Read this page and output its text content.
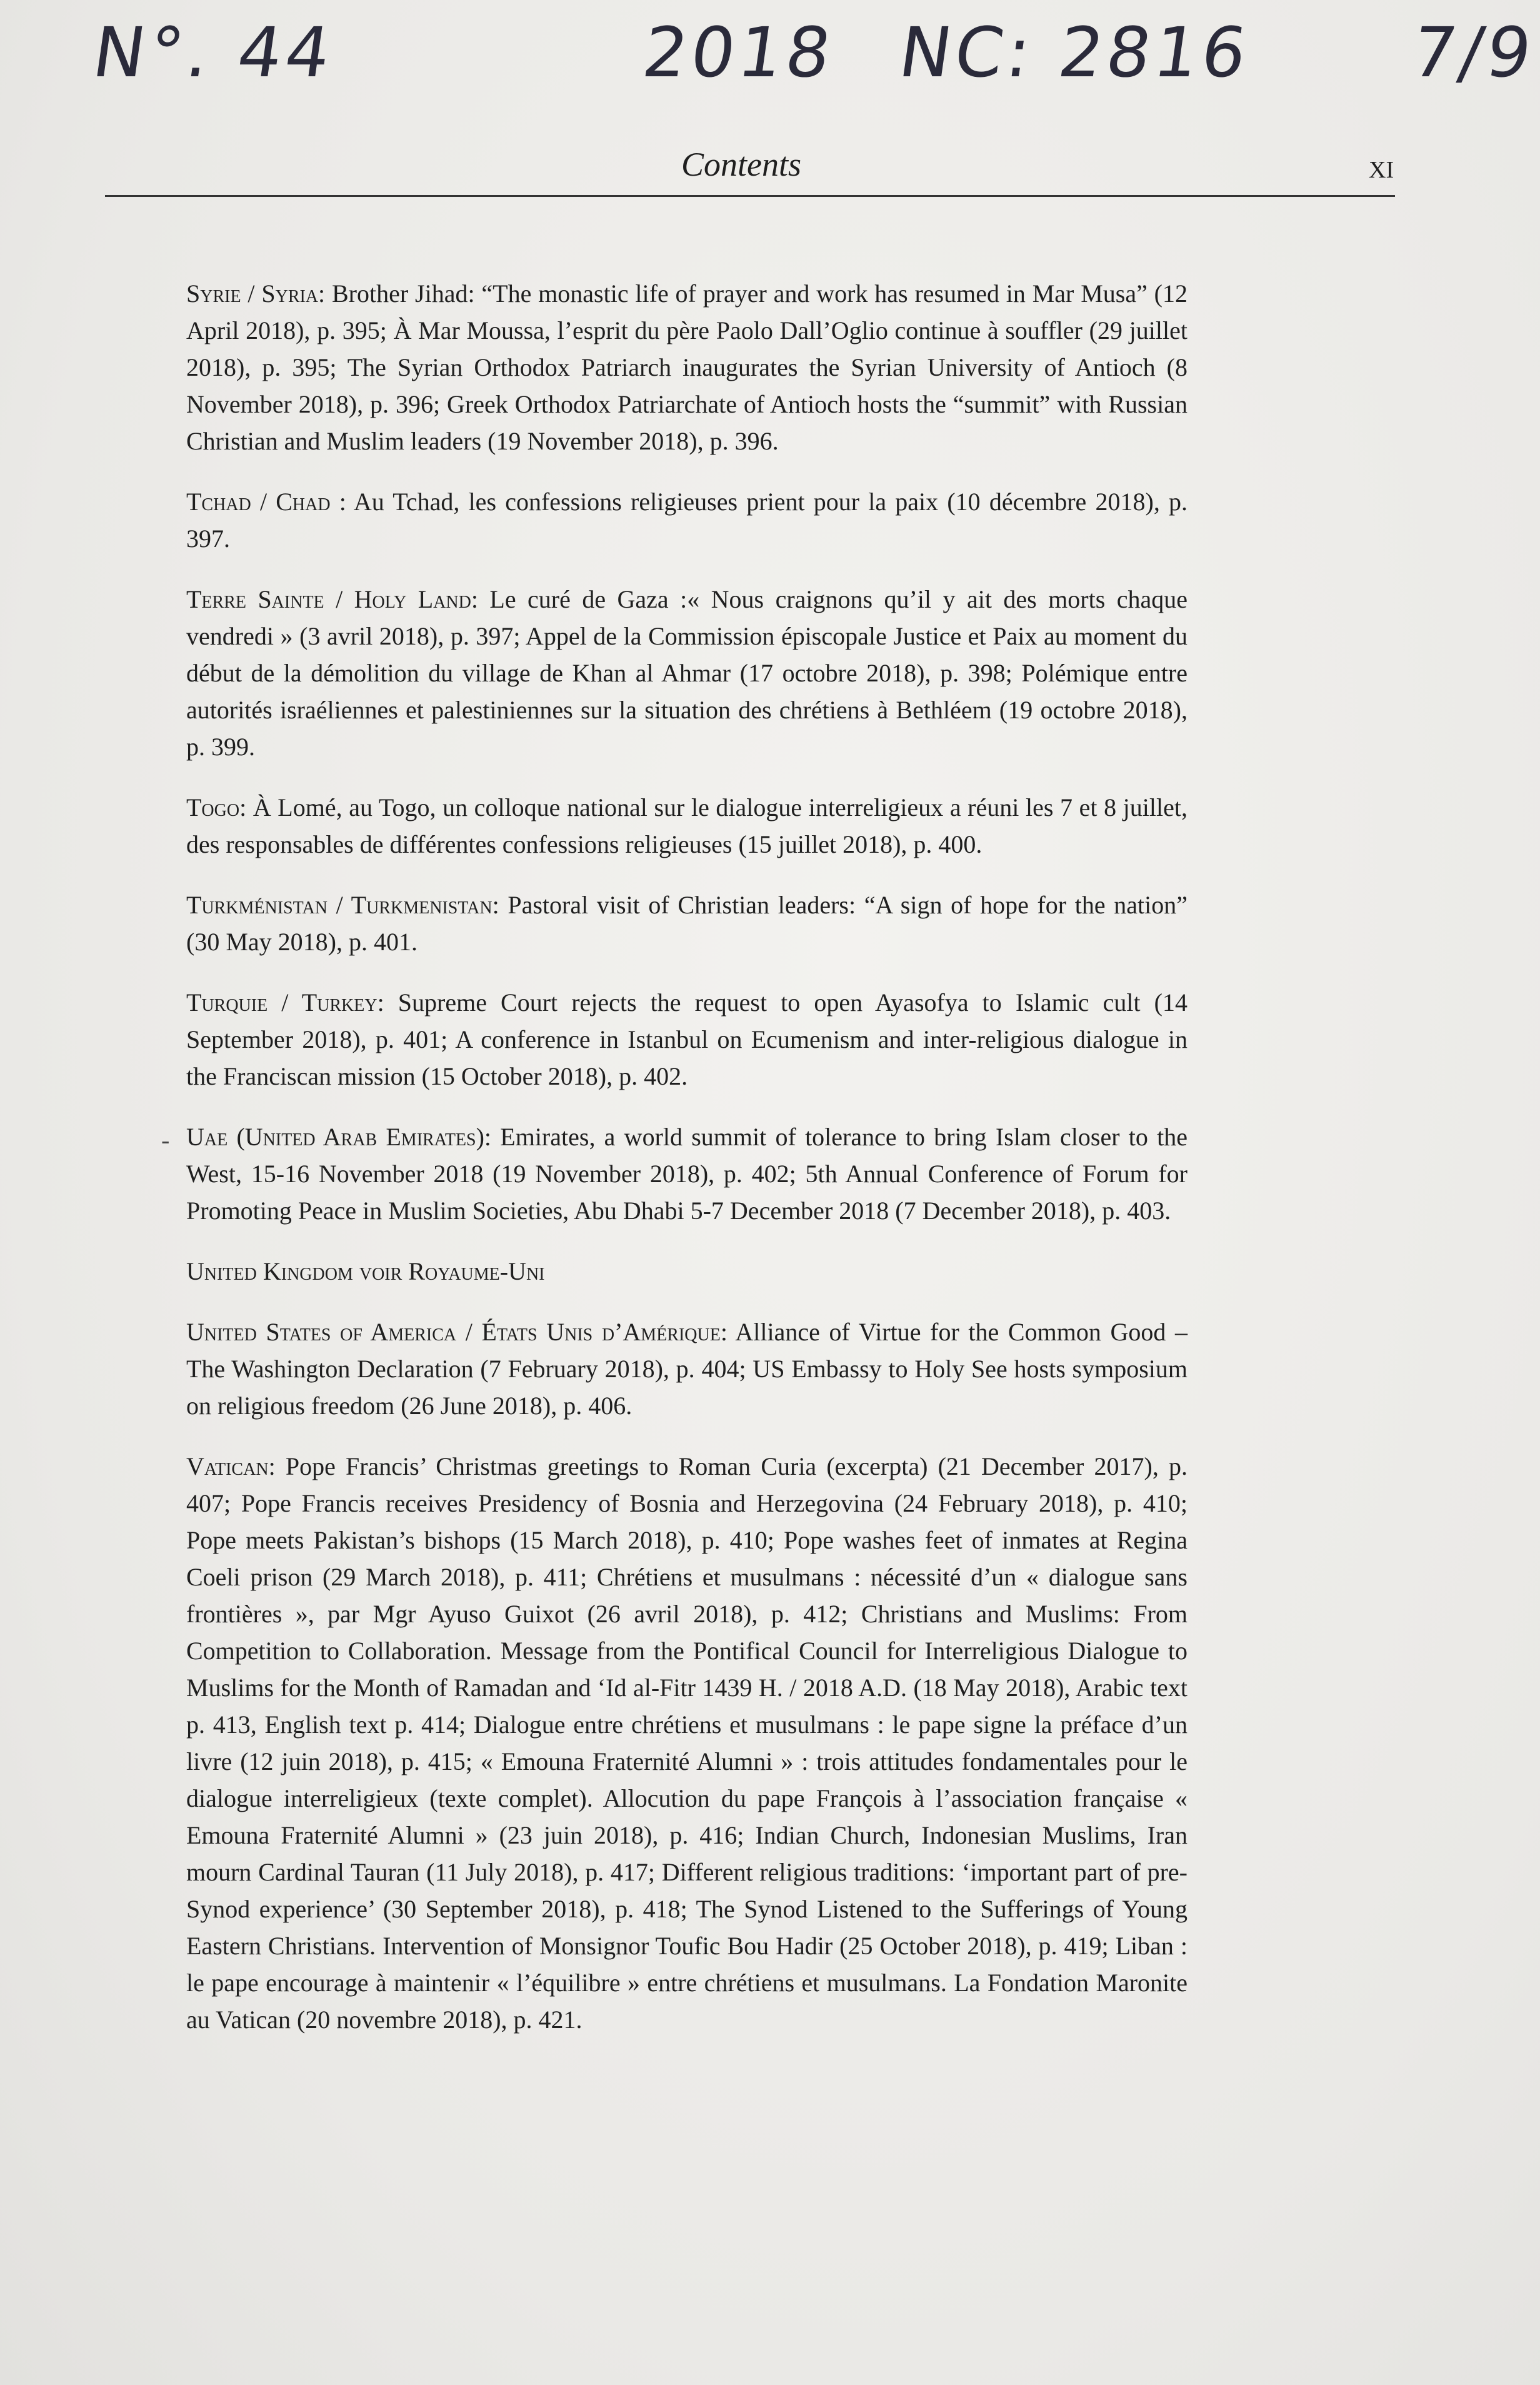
N°. 44	2018 NC: 2816 7/9
Contents	XI

Syrie / Syria: Brother Jihad: “The monastic life of prayer and work has resumed in Mar Musa” (12 April 2018), p. 395; À Mar Moussa, l’esprit du père Paolo Dall’Oglio continue à souffler (29 juillet 2018), p. 395; The Syrian Orthodox Patriarch inaugurates the Syrian University of Antioch (8 November 2018), p. 396; Greek Orthodox Patriarchate of Antioch hosts the “summit” with Russian Christian and Muslim leaders (19 November 2018), p. 396.

Tchad / Chad : Au Tchad, les confessions religieuses prient pour la paix (10 décembre 2018), p. 397.

Terre Sainte / Holy Land: Le curé de Gaza :« Nous craignons qu’il y ait des morts chaque vendredi » (3 avril 2018), p. 397; Appel de la Commission épiscopale Justice et Paix au moment du début de la démolition du village de Khan al Ahmar (17 octobre 2018), p. 398; Polémique entre autorités israéliennes et palestiniennes sur la situation des chrétiens à Bethléem (19 octobre 2018), p. 399.

Togo: À Lomé, au Togo, un colloque national sur le dialogue interreligieux a réuni les 7 et 8 juillet, des responsables de différentes confessions religieuses (15 juillet 2018), p. 400.

Turkménistan / Turkmenistan: Pastoral visit of Christian leaders: “A sign of hope for the nation” (30 May 2018), p. 401.

Turquie / Turkey: Supreme Court rejects the request to open Ayasofya to Islamic cult (14 September 2018), p. 401; A conference in Istanbul on Ecumenism and inter-religious dialogue in the Franciscan mission (15 October 2018), p. 402.

Uae (United Arab Emirates): Emirates, a world summit of tolerance to bring Islam closer to the West, 15-16 November 2018 (19 November 2018), p. 402; 5th Annual Conference of Forum for Promoting Peace in Muslim Societies, Abu Dhabi 5-7 December 2018 (7 December 2018), p. 403.

United Kingdom voir Royaume-Uni

United States of America / États Unis d’Amérique: Alliance of Virtue for the Common Good – The Washington Declaration (7 February 2018), p. 404; US Embassy to Holy See hosts symposium on religious freedom (26 June 2018), p. 406.

Vatican: Pope Francis’ Christmas greetings to Roman Curia (excerpta) (21 December 2017), p. 407; Pope Francis receives Presidency of Bosnia and Herzegovina (24 February 2018), p. 410; Pope meets Pakistan’s bishops (15 March 2018), p. 410; Pope washes feet of inmates at Regina Coeli prison (29 March 2018), p. 411; Chrétiens et musulmans : nécessité d’un « dialogue sans frontières », par Mgr Ayuso Guixot (26 avril 2018), p. 412; Christians and Muslims: From Competition to Collaboration. Message from the Pontifical Council for Interreligious Dialogue to Muslims for the Month of Ramadan and ‘Id al-Fitr 1439 H. / 2018 A.D. (18 May 2018), Arabic text p. 413, English text p. 414; Dialogue entre chrétiens et musulmans : le pape signe la préface d’un livre (12 juin 2018), p. 415; « Emouna Fraternité Alumni » : trois attitudes fondamentales pour le dialogue interreligieux (texte complet). Allocution du pape François à l’association française « Emouna Fraternité Alumni » (23 juin 2018), p. 416; Indian Church, Indonesian Muslims, Iran mourn Cardinal Tauran (11 July 2018), p. 417; Different religious traditions: ‘important part of pre-Synod experience’ (30 September 2018), p. 418; The Synod Listened to the Sufferings of Young Eastern Christians. Intervention of Monsignor Toufic Bou Hadir (25 October 2018), p. 419; Liban : le pape encourage à maintenir « l’équilibre » entre chrétiens et musulmans. La Fondation Maronite au Vatican (20 novembre 2018), p. 421.

-
